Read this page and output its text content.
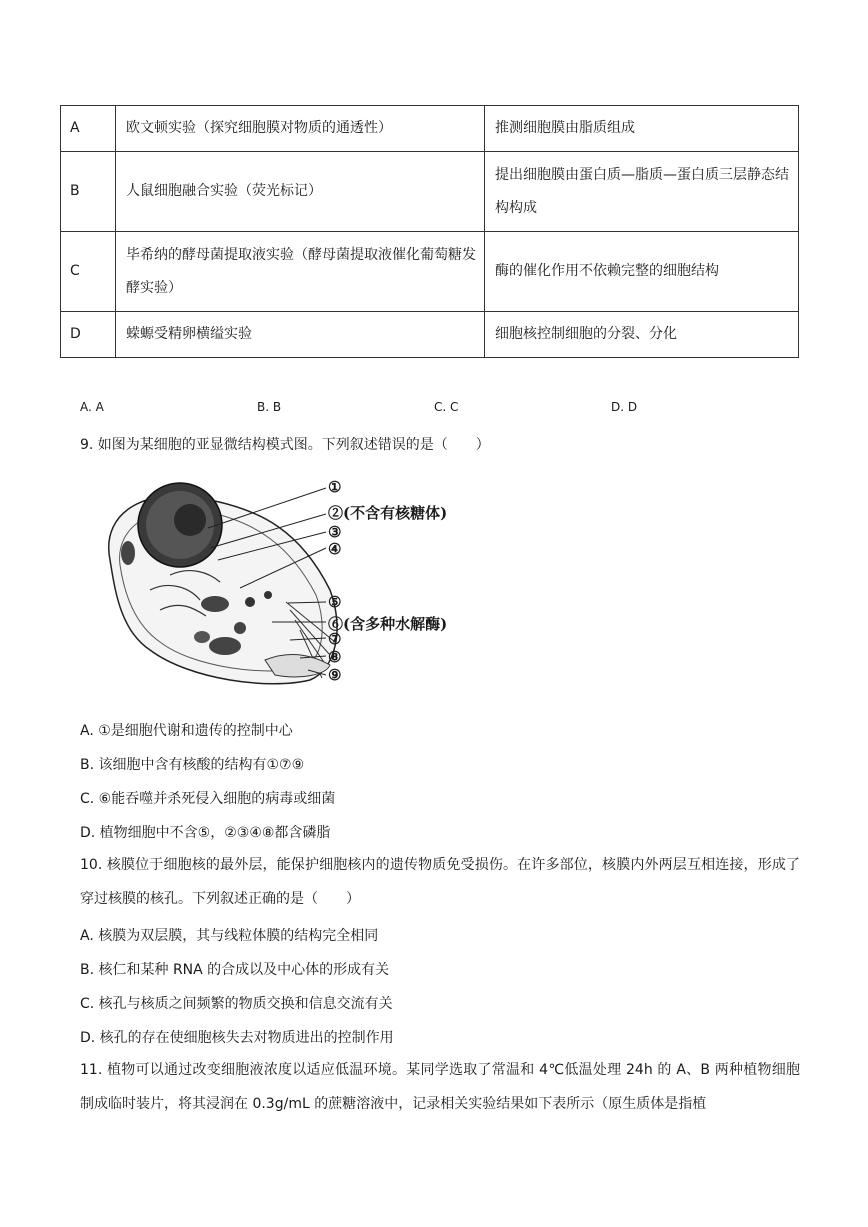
A	欧文顿实验（探究细胞膜对物质的通透性）	推测细胞膜由脂质组成
B	人鼠细胞融合实验（荧光标记）	提出细胞膜由蛋白质—脂质—蛋白质三层静态结构构成
C	毕希纳的酵母菌提取液实验（酵母菌提取液催化葡萄糖发酵实验）	酶的催化作用不依赖完整的细胞结构
D	蝾螈受精卵横缢实验	细胞核控制细胞的分裂、分化
A. A	B. B	C. C	D. D
9. 如图为某细胞的亚显微结构模式图。下列叙述错误的是（　　）
①
②(不含有核糖体)
③
④
⑤
⑥(含多种水解酶)
⑦
⑧
⑨
A. ①是细胞代谢和遗传的控制中心
B. 该细胞中含有核酸的结构有①⑦⑨
C. ⑥能吞噬并杀死侵入细胞的病毒或细菌
D. 植物细胞中不含⑤，②③④⑧都含磷脂
10. 核膜位于细胞核的最外层，能保护细胞核内的遗传物质免受损伤。在许多部位，核膜内外两层互相连接，形成了穿过核膜的核孔。下列叙述正确的是（　　）
A. 核膜为双层膜，其与线粒体膜的结构完全相同
B. 核仁和某种 RNA 的合成以及中心体的形成有关
C. 核孔与核质之间频繁的物质交换和信息交流有关
D. 核孔的存在使细胞核失去对物质进出的控制作用
11. 植物可以通过改变细胞液浓度以适应低温环境。某同学选取了常温和 4℃低温处理 24h 的 A、B 两种植物细胞制成临时装片，将其浸润在 0.3g/mL 的蔗糖溶液中，记录相关实验结果如下表所示（原生质体是指植
